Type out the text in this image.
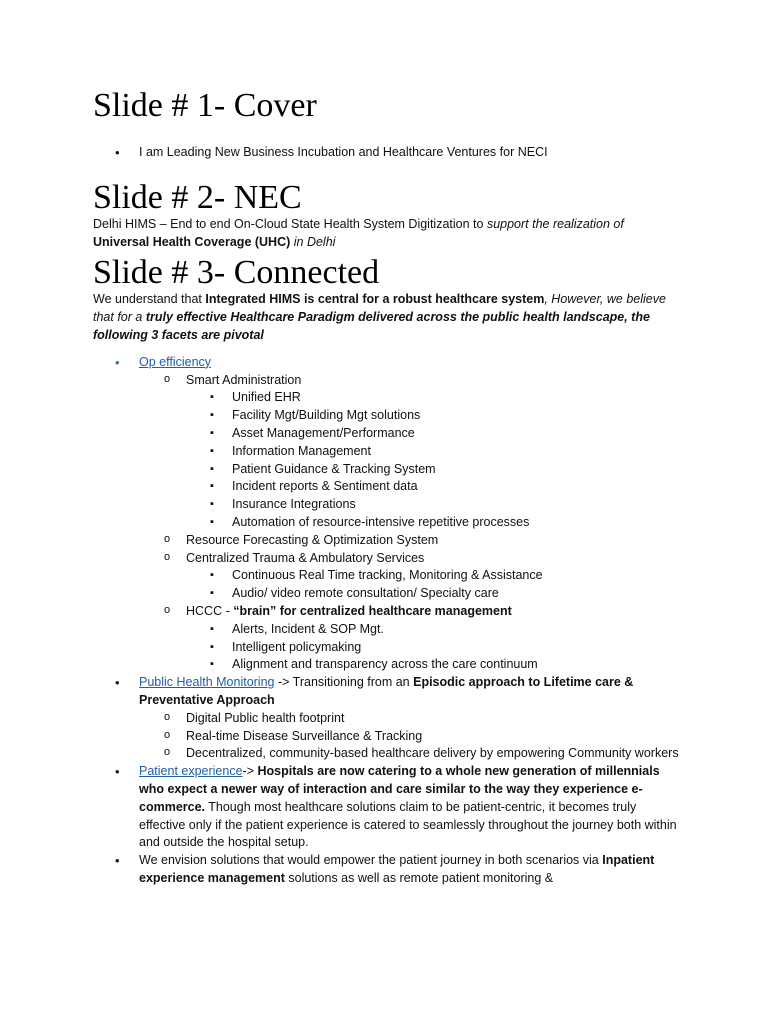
Slide # 1- Cover
• I am Leading New Business Incubation and Healthcare Ventures for NECI
Slide # 2- NEC

Delhi HIMS – End to end On-Cloud State Health System Digitization to support the realization of
Universal Health Coverage (UHC) in Delhi

Slide # 3- Connected

We understand that Integrated HIMS is central for a robust healthcare system, However, we believe that for a truly effective Healthcare Paradigm delivered across the public health landscape, the following 3 facets are pivotal

• Op efficiency
o Smart Administration
▪ Unified EHR
▪ Facility Mgt/Building Mgt solutions
▪ Asset Management/Performance
▪ Information Management
▪ Patient Guidance & Tracking System
▪ Incident reports & Sentiment data
▪ Insurance Integrations
▪ Automation of resource-intensive repetitive processes
o Resource Forecasting & Optimization System
o Centralized Trauma & Ambulatory Services
▪ Continuous Real Time tracking, Monitoring & Assistance
▪ Audio/ video remote consultation/ Specialty care
o HCCC - “brain” for centralized healthcare management
▪ Alerts, Incident & SOP Mgt.
▪ Intelligent policymaking
▪ Alignment and transparency across the care continuum
• Public Health Monitoring -> Transitioning from an Episodic approach to Lifetime care & Preventative Approach
o Digital Public health footprint
o Real-time Disease Surveillance & Tracking
o Decentralized, community-based healthcare delivery by empowering Community workers
• Patient experience-> Hospitals are now catering to a whole new generation of millennials who expect a newer way of interaction and care similar to the way they experience e-commerce. Though most healthcare solutions claim to be patient-centric, it becomes truly effective only if the patient experience is catered to seamlessly throughout the journey both within and outside the hospital setup.
• We envision solutions that would empower the patient journey in both scenarios via Inpatient experience management solutions as well as remote patient monitoring &
